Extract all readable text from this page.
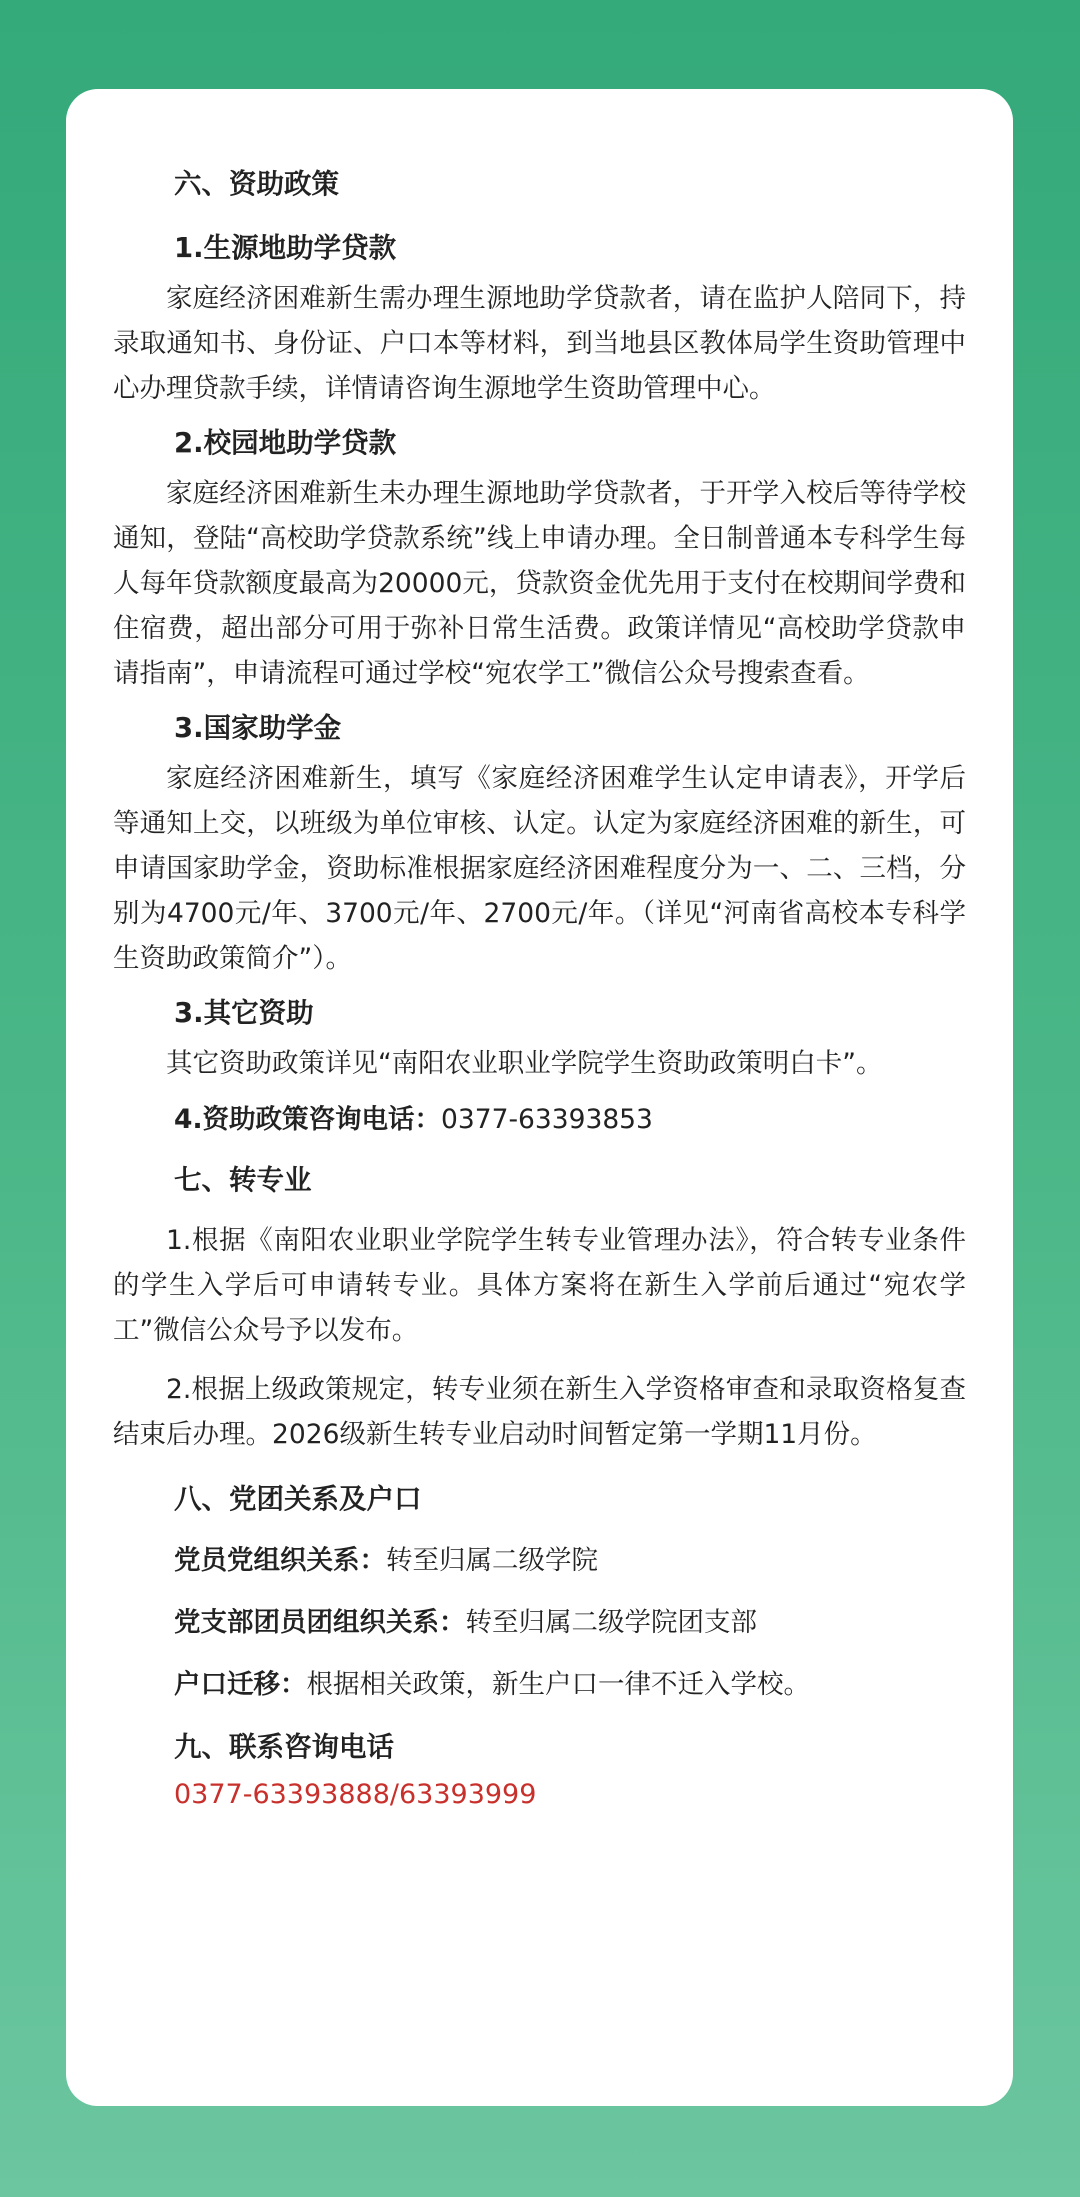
六、资助政策

1.生源地助学贷款

家庭经济困难新生需办理生源地助学贷款者，请在监护人陪同下，持录取通知书、身份证、户口本等材料，到当地县区教体局学生资助管理中心办理贷款手续，详情请咨询生源地学生资助管理中心。

2.校园地助学贷款

家庭经济困难新生未办理生源地助学贷款者，于开学入校后等待学校通知，登陆“高校助学贷款系统”线上申请办理。全日制普通本专科学生每人每年贷款额度最高为20000元，贷款资金优先用于支付在校期间学费和住宿费，超出部分可用于弥补日常生活费。政策详情见“高校助学贷款申请指南”，申请流程可通过学校“宛农学工”微信公众号搜索查看。

3.国家助学金

家庭经济困难新生，填写《家庭经济困难学生认定申请表》，开学后等通知上交，以班级为单位审核、认定。认定为家庭经济困难的新生，可申请国家助学金，资助标准根据家庭经济困难程度分为一、二、三档，分别为4700元/年、3700元/年、2700元/年。（详见“河南省高校本专科学生资助政策简介”）。

3.其它资助

其它资助政策详见“南阳农业职业学院学生资助政策明白卡”。

4.资助政策咨询电话：0377-63393853

七、转专业

1.根据《南阳农业职业学院学生转专业管理办法》，符合转专业条件的学生入学后可申请转专业。具体方案将在新生入学前后通过“宛农学工”微信公众号予以发布。

2.根据上级政策规定，转专业须在新生入学资格审查和录取资格复查结束后办理。2026级新生转专业启动时间暂定第一学期11月份。

八、党团关系及户口

党员党组织关系：转至归属二级学院

党支部团员团组织关系：转至归属二级学院团支部

户口迁移：根据相关政策，新生户口一律不迁入学校。

九、联系咨询电话

0377-63393888/63393999
